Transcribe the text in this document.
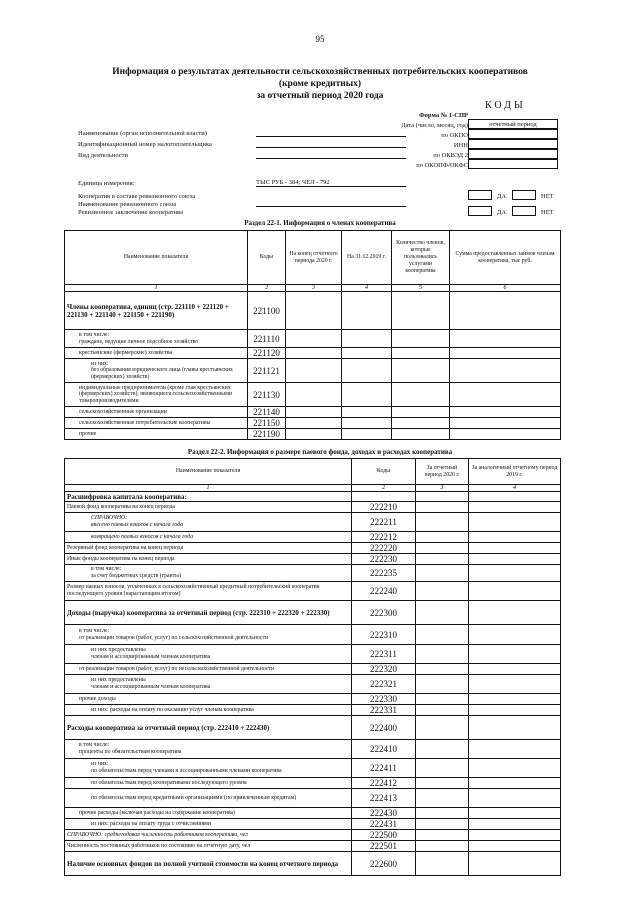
95
Информация о результатах деятельности сельскохозяйственных потребительских кооперативов
(кроме кредитных)
за отчетный период 2020 года
КОДЫ
Форма № 1-СПР
Дата (число, месяц, год)	отчетный период
по ОКПО
ИНН
по ОКВЭД 2
по ОКОПФ/ОКФС
Наименование (орган исполнительной власти)
Идентификационный номер налогоплательщика
Вид деятельности
Единица измерения:	ТЫС РУБ - 384; ЧЕЛ - 792
Кооператив в составе ревизионного союза
Наименование ревизионного союза
Ревизионное заключение кооператива
ДА	НЕТ
ДА	НЕТ
Раздел 22-1. Информация о членах кооператива
Наименование показателя	Коды	На конец отчетного периода 2020 г.	На 31.12.2019 г.	Количество членов, которые пользовались услугами кооператива	Сумма предоставленных займов членам кооператива, тыс руб.
1	2	3	4	5	6

Члены кооператива, единиц (стр. 221110 + 221120 + 221130 + 221140 + 221150 + 221190)	221100				

в том числе:
граждане, ведущие личное подсобное хозяйство	221110				

крестьянские (фермерские) хозяйства	221120				

из них:
без образования юридического лица (главы крестьянских (фермерских) хозяйств)	221121				

индивидуальные предприниматели (кроме глав крестьянских (фермерских) хозяйств), являющиеся сельскохозяйственными товаропроизводителями	221130				

сельскохозяйственные организации	221140				

сельскохозяйственные потребительские кооперативы	221150				

прочие	221190				
Раздел 22-2. Информация о размере паевого фонда, доходах и расходах кооператива
Наименование показателя	Коды	За отчетный период 2020 г.	За аналогичный отчетному период 2019 г.
1	2	3	4

Расшифровка капитала кооператива:			

Паевой фонд кооператива на конец периода	222210		

СПРАВОЧНО:
внесено паевых взносов с начала года	222211		

возвращено паевых взносов с начала года	222212		

Резервный фонд кооператива на конец периода	222220		

Иные фонды кооператива на конец периода	222230		

в том числе:
за счет бюджетных средств (гранты)	222235		

Размер паевых взносов, уплаченных в сельскохозяйственный кредитный потребительский кооператив последующего уровня (нарастающим итогом)	222240		

Доходы (выручка) кооператива за отчетный период (стр. 222310 + 222320 + 222330)	222300		

в том числе:
от реализации товаров (работ, услуг) по сельскохозяйственной деятельности	222310		

из них предоставлены
членам и ассоциированным членам кооператива	222311		

от реализации товаров (работ, услуг) по несельскохозяйственной деятельности	222320		

из них предоставлены
членам и ассоциированным членам кооператива	222321		

прочие доходы	222330		

из них: расходы на оплату по оказанию услуг членам кооператива	222331		

Расходы кооператива за отчетный период (стр. 222410 + 222430)	222400		

в том числе:
проценты по обязательствам кооператива	222410		

из них:
по обязательствам перед членами и ассоциированными членами кооператива	222411		

по обязательствам перед кооперативами последующего уровня	222412		

по обязательствам перед кредитными организациями (по привлеченным кредитам)	222413		

прочие расходы (включая расходы на содержание кооператива)	222430		

из них: расходы на оплату труда с отчислениями	222431		

СПРАВОЧНО: среднегодовая численность работников кооператива, чел	222500		

Численность постоянных работников по состоянию на отчетную дату, чел	222501		

Наличие основных фондов по полной учетной стоимости на конец отчетного периода	222600		
